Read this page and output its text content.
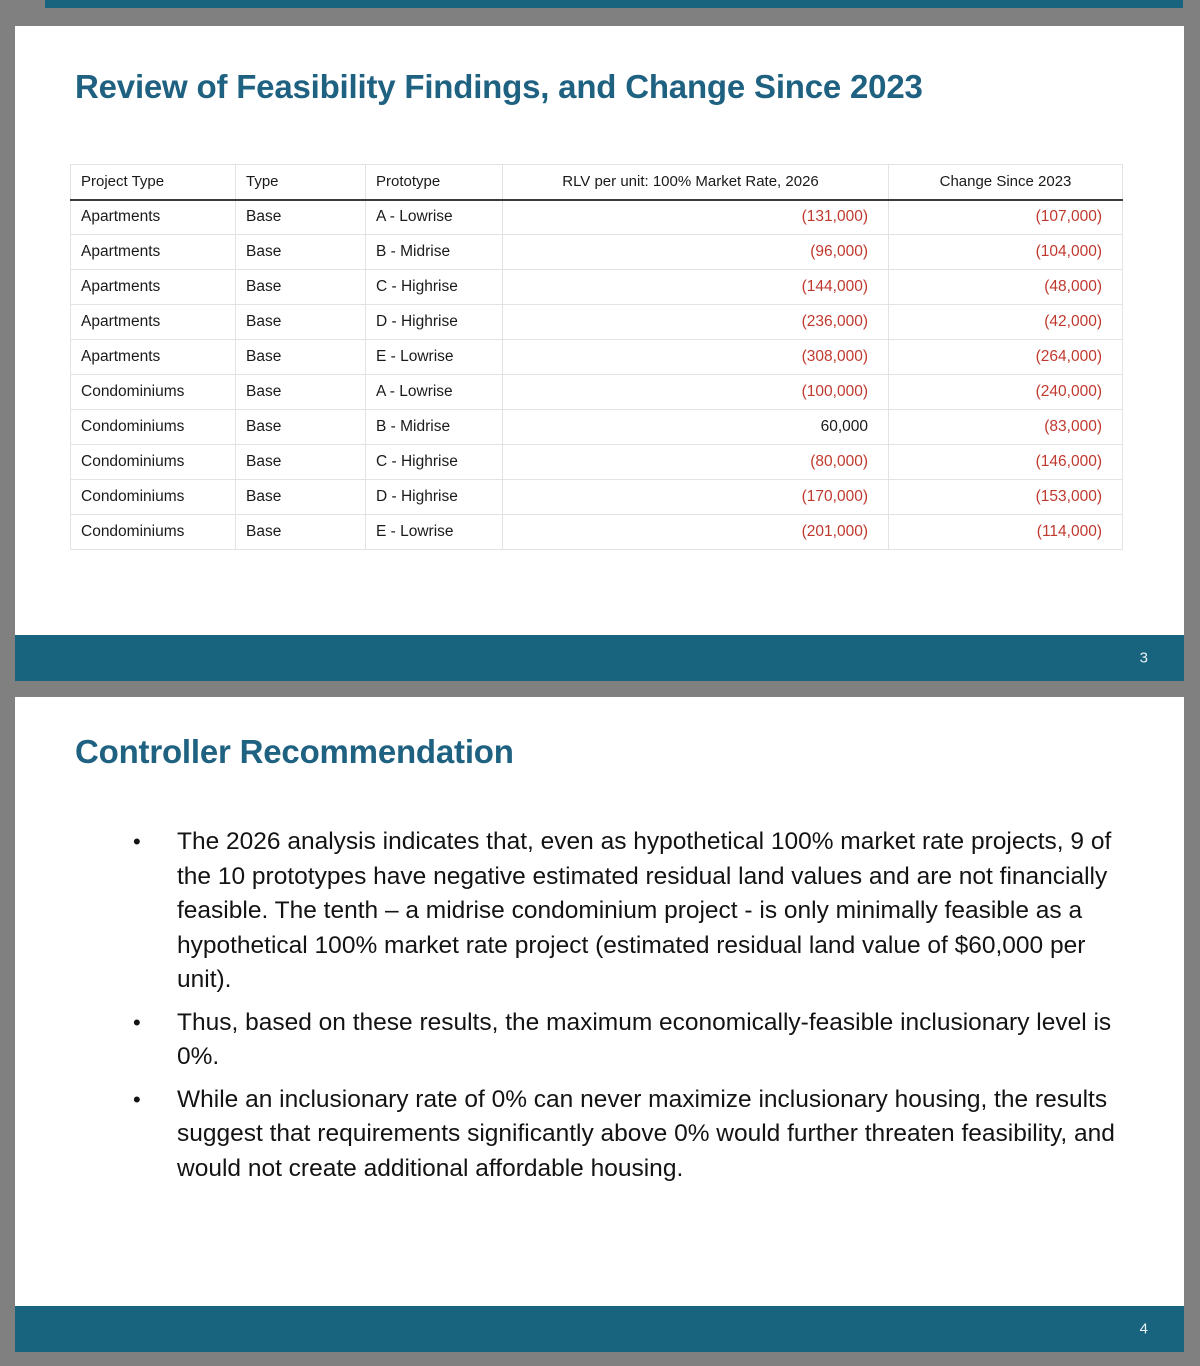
Review of Feasibility Findings, and Change Since 2023
Project Type	Type	Prototype	RLV per unit: 100% Market Rate, 2026	Change Since 2023
Apartments	Base	A - Lowrise	(131,000)	(107,000)
Apartments	Base	B - Midrise	(96,000)	(104,000)
Apartments	Base	C - Highrise	(144,000)	(48,000)
Apartments	Base	D - Highrise	(236,000)	(42,000)
Apartments	Base	E - Lowrise	(308,000)	(264,000)
Condominiums	Base	A - Lowrise	(100,000)	(240,000)
Condominiums	Base	B - Midrise	60,000	(83,000)
Condominiums	Base	C - Highrise	(80,000)	(146,000)
Condominiums	Base	D - Highrise	(170,000)	(153,000)
Condominiums	Base	E - Lowrise	(201,000)	(114,000)
3
Controller Recommendation
• The 2026 analysis indicates that, even as hypothetical 100% market rate projects, 9 of the 10 prototypes have negative estimated residual land values and are not financially feasible. The tenth – a midrise condominium project - is only minimally feasible as a hypothetical 100% market rate project (estimated residual land value of $60,000 per unit).
• Thus, based on these results, the maximum economically-feasible inclusionary level is 0%.
• While an inclusionary rate of 0% can never maximize inclusionary housing, the results suggest that requirements significantly above 0% would further threaten feasibility, and would not create additional affordable housing.
4
